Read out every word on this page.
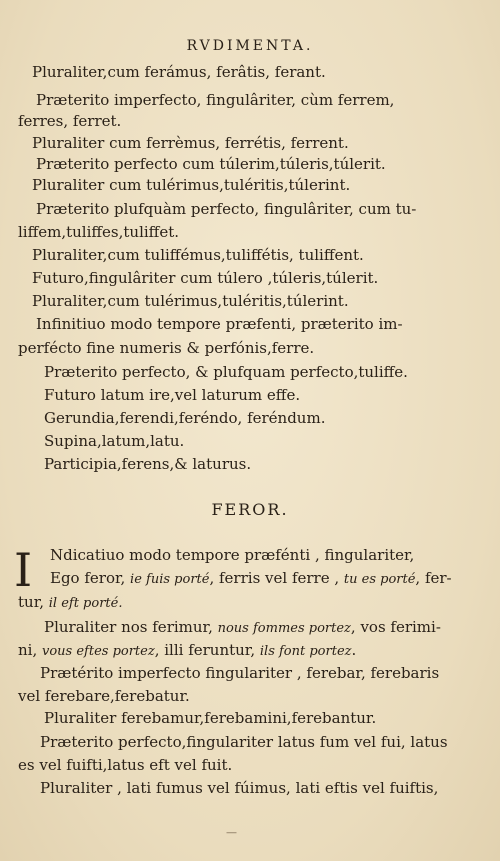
RVDIMENTA.
Pluraliter,cum ferámus, ferâtis, ferant.
Præterito imperfecto, fingulâriter, cùm ferrem,
ferres, ferret.
Pluraliter cum ferrèmus, ferrétis, ferrent.
Præterito perfecto cum túlerim,túleris,túlerit.
Pluraliter cum tulérimus,tuléritis,túlerint.
Præterito plufquàm perfecto, fingulâriter, cum tu-
liffem,tuliffes,tuliffet.
Pluraliter,cum tuliffémus,tuliffétis, tuliffent.
Futuro,fingulâriter cum túlero ,túleris,túlerit.
Pluraliter,cum tulérimus,tuléritis,túlerint.
Infinitiuo modo tempore præfenti, præterito im-
perfécto fine numeris & perfónis,ferre.
Præterito perfecto, & plufquam perfecto,tuliffe.
Futuro latum ire,vel laturum effe.
Gerundia,ferendi,feréndo, feréndum.
Supina,latum,latu.
Participia,ferens,& laturus.
FEROR.
I Ndicatiuo modo tempore præfénti , fingulariter,
Ego feror, ie fuis porté, ferris vel ferre , tu es porté, fer-
tur, il eft porté.
Pluraliter nos ferimur, nous fommes portez, vos ferimi-
ni, vous eftes portez, illi feruntur, ils font portez.
Prætérito imperfecto fingulariter , ferebar, ferebaris
vel ferebare,ferebatur.
Pluraliter ferebamur,ferebamini,ferebantur.
Præterito perfecto,fingulariter latus fum vel fui, latus
es vel fuifti,latus eft vel fuit.
Pluraliter , lati fumus vel fúimus, lati eftis vel fuiftis,
—
